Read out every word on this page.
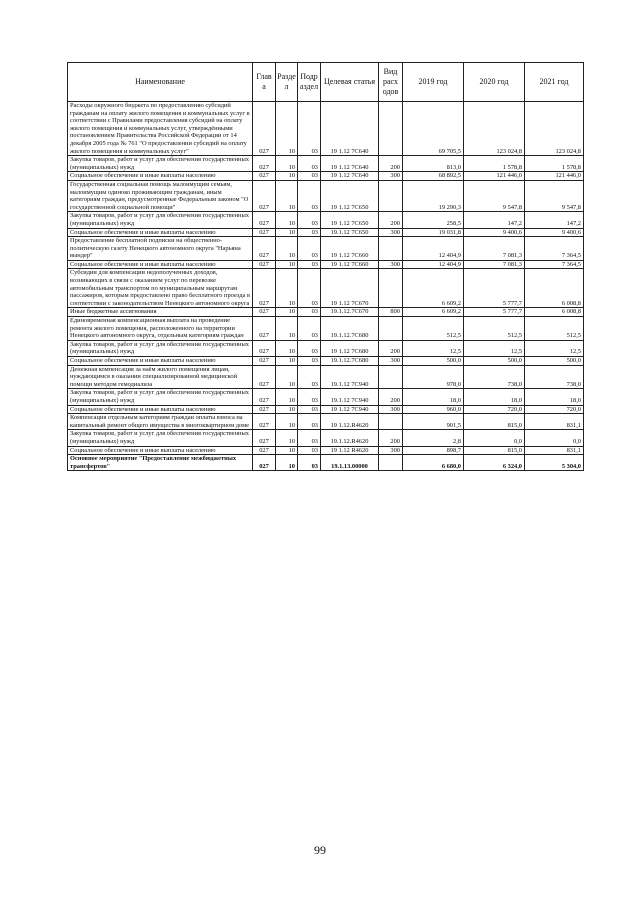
Наименование	Глав а	Разде л	Подр аздел	Целевая статья	Вид расх одов	2019 год	2020 год	2021 год
Расходы окружного бюджета по предоставлению субсидий гражданам на оплату жилого помещения и коммунальных услуг в соответствии с Правилами предоставления субсидий на оплату жилого помещения и коммунальных услуг, утверждёнными постановлением Правительства Российской Федерации от 14 декабря 2005 года № 761 "О предоставлении субсидий на оплату жилого помещения и коммунальных услуг"	027	10	03	19 1.12 7С640		69 705,5	123 024,8	123 024,8
Закупка товаров, работ и услуг для обеспечения государственных (муниципальных) нужд	027	10	03	19 1.12 7С640	200	813,0	1 578,8	1 578,8
Социальное обеспечение и иные выплаты населению	027	10	03	19 1.12 7С640	300	68 892,5	121 446,0	121 446,0
Государственная социальная помощь малоимущим семьям, малоимущим одиноко проживающим гражданам, иным категориям граждан, предусмотренные Федеральным законом "О государственной социальной помощи"	027	10	03	19 1.12 7С650		19 290,3	9 547,8	9 547,8
Закупка товаров, работ и услуг для обеспечения государственных (муниципальных) нужд	027	10	03	19 1.12 7С650	200	258,5	147,2	147,2
Социальное обеспечение и иные выплаты населению	027	10	03	19.1.12 7С650	300	19 031,8	9 400,6	9 400,6
Предоставление бесплатной подписки на общественно-политическую газету Ненецкого автономного округа "Нарьяна вындер"	027	10	03	19 1.12 7С660		12 404,9	7 081,3	7 364,5
Социальное обеспечение и иные выплаты населению	027	10	03	19 1.12 7С660	300	12 404,9	7 081,3	7 364,5
Субсидии для компенсации недополученных доходов, возникающих в связи с оказанием услуг по перевозке автомобильным транспортом по муниципальным маршрутам пассажиров, которым предоставлено право бесплатного проезда в соответствии с законодательством Ненецкого автономного округа	027	10	03	19 1.12 7С670		6 609,2	5 777,7	6 008,8
Иные бюджетные ассигнования	027	10	03	19.1.12.7С670	800	6 609,2	5 777,7	6 008,8
Единовременная компенсационная выплата на проведение ремонта жилого помещения, расположенного на территории Ненецкого автономного округа, отдельным категориям граждан	027	10	03	19.1.12.7С680		512,5	512,5	512,5
Закупка товаров, работ и услуг для обеспечения государственных (муниципальных) нужд	027	10	03	19 1.12 7С680	200	12,5	12,5	12,5
Социальное обеспечение и иные выплаты населению	027	10	03	19.1.12.7С680	300	500,0	500,0	500,0
Денежная компенсация за наём жилого помещения лицам, нуждающимся в оказании специализированной медицинской помощи методом гемодиализа	027	10	03	19.1.12 7С940		978,0	738,0	738,0
Закупка товаров, работ и услуг для обеспечения государственных (муниципальных) нужд	027	10	03	19.1.12 7С940	200	18,0	18,0	18,0
Социальное обеспечение и иные выплаты населению	027	10	03	19 1.12 7С940	300	960,0	720,0	720,0
Компенсация отдельным категориям граждан оплаты взноса на капитальный ремонт общего имущества в многоквартирном доме	027	10	03	19 1.12.R4620		901,5	815,0	831,1
Закупка товаров, работ и услуг для обеспечения государственных (муниципальных) нужд	027	10	03	19.1.12.R4620	200	2,8	0,0	0,0
Социальное обеспечение и иные выплаты населению	027	10	03	19 1.12 R4620	300	898,7	815,0	831,1
Основное мероприятие "Предоставление межбюджетных трансфертов"	027	10	03	19.1.13.00000		6 680,0	6 324,0	5 304,0
99
